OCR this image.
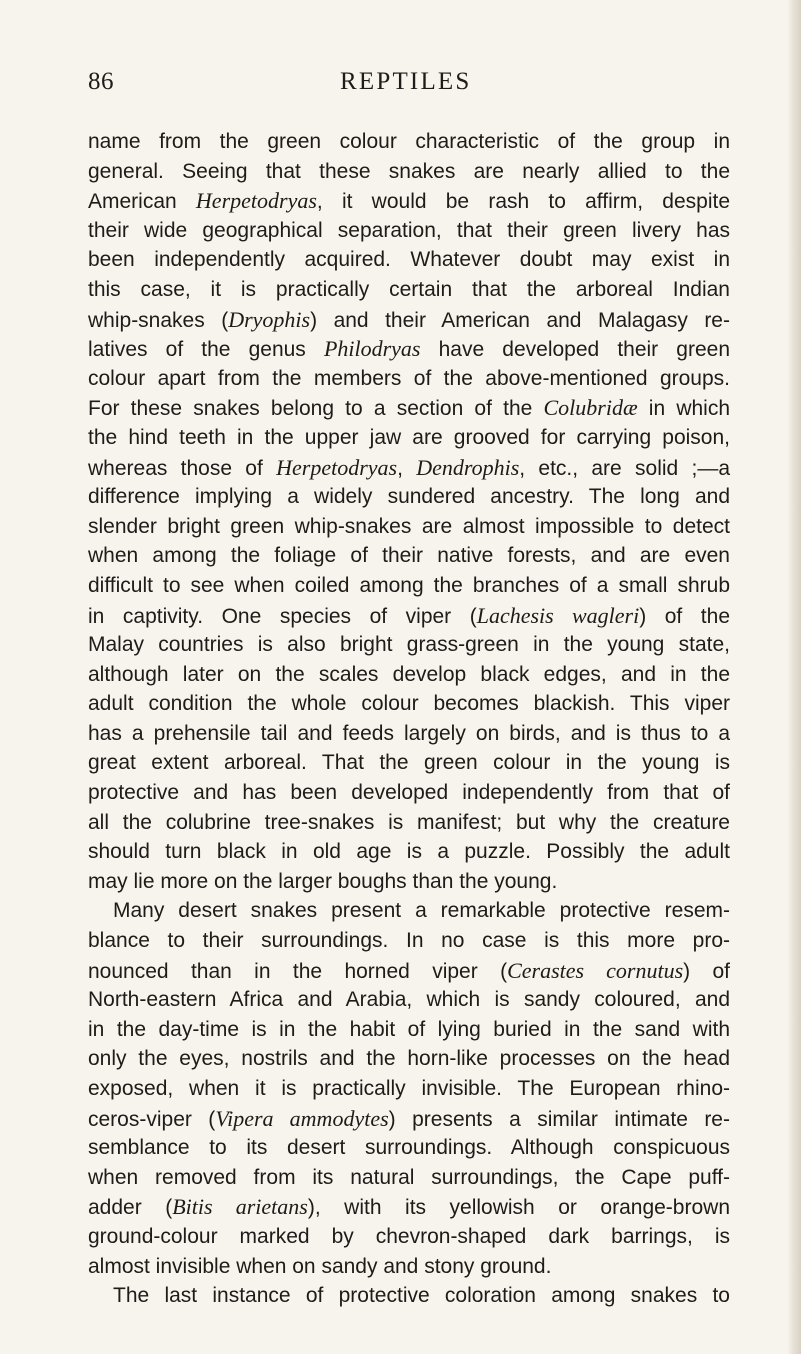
86	REPTILES
name from the green colour characteristic of the group in
general. Seeing that these snakes are nearly allied to the
American Herpetodryas, it would be rash to affirm, despite
their wide geographical separation, that their green livery has
been independently acquired. Whatever doubt may exist in
this case, it is practically certain that the arboreal Indian
whip-snakes (Dryophis) and their American and Malagasy re-
latives of the genus Philodryas have developed their green
colour apart from the members of the above-mentioned groups.
For these snakes belong to a section of the Colubridæ in which
the hind teeth in the upper jaw are grooved for carrying poison,
whereas those of Herpetodryas, Dendrophis, etc., are solid ;—a
difference implying a widely sundered ancestry. The long and
slender bright green whip-snakes are almost impossible to detect
when among the foliage of their native forests, and are even
difficult to see when coiled among the branches of a small shrub
in captivity. One species of viper (Lachesis wagleri) of the
Malay countries is also bright grass-green in the young state,
although later on the scales develop black edges, and in the
adult condition the whole colour becomes blackish. This viper
has a prehensile tail and feeds largely on birds, and is thus to a
great extent arboreal. That the green colour in the young is
protective and has been developed independently from that of
all the colubrine tree-snakes is manifest; but why the creature
should turn black in old age is a puzzle. Possibly the adult
may lie more on the larger boughs than the young.
Many desert snakes present a remarkable protective resem-
blance to their surroundings. In no case is this more pro-
nounced than in the horned viper (Cerastes cornutus) of
North-eastern Africa and Arabia, which is sandy coloured, and
in the day-time is in the habit of lying buried in the sand with
only the eyes, nostrils and the horn-like processes on the head
exposed, when it is practically invisible. The European rhino-
ceros-viper (Vipera ammodytes) presents a similar intimate re-
semblance to its desert surroundings. Although conspicuous
when removed from its natural surroundings, the Cape puff-
adder (Bitis arietans), with its yellowish or orange-brown
ground-colour marked by chevron-shaped dark barrings, is
almost invisible when on sandy and stony ground.
The last instance of protective coloration among snakes to
